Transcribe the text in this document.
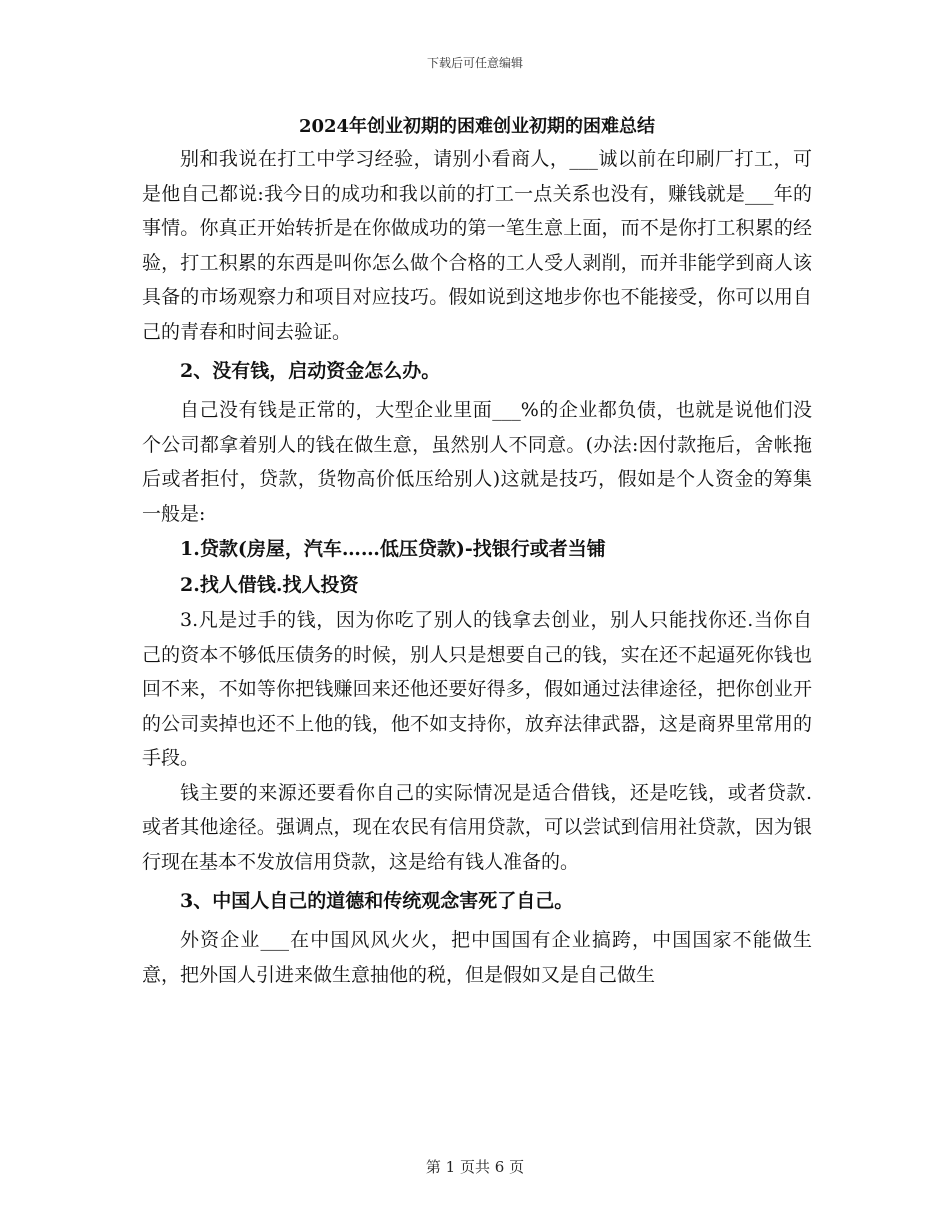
下载后可任意编辑
2024年创业初期的困难创业初期的困难总结

别和我说在打工中学习经验，请别小看商人，___诚以前在印刷厂打工，可是他自己都说:我今日的成功和我以前的打工一点关系也没有，赚钱就是___年的事情。你真正开始转折是在你做成功的第一笔生意上面，而不是你打工积累的经验，打工积累的东西是叫你怎么做个合格的工人受人剥削，而并非能学到商人该具备的市场观察力和项目对应技巧。假如说到这地步你也不能接受，你可以用自己的青春和时间去验证。

2、没有钱，启动资金怎么办。

自己没有钱是正常的，大型企业里面___%的企业都负债，也就是说他们没个公司都拿着别人的钱在做生意，虽然别人不同意。(办法:因付款拖后，舍帐拖后或者拒付，贷款，货物高价低压给别人)这就是技巧，假如是个人资金的筹集一般是:

1.贷款(房屋，汽车……低压贷款)-找银行或者当铺

2.找人借钱.找人投资

3.凡是过手的钱，因为你吃了别人的钱拿去创业，别人只能找你还.当你自己的资本不够低压债务的时候，别人只是想要自己的钱，实在还不起逼死你钱也回不来，不如等你把钱赚回来还他还要好得多，假如通过法律途径，把你创业开的公司卖掉也还不上他的钱，他不如支持你，放弃法律武器，这是商界里常用的手段。

钱主要的来源还要看你自己的实际情况是适合借钱，还是吃钱，或者贷款.或者其他途径。强调点，现在农民有信用贷款，可以尝试到信用社贷款，因为银行现在基本不发放信用贷款，这是给有钱人准备的。

3、中国人自己的道德和传统观念害死了自己。

外资企业___在中国风风火火，把中国国有企业搞跨，中国国家不能做生意，把外国人引进来做生意抽他的税，但是假如又是自己做生

第 1 页共 6 页
